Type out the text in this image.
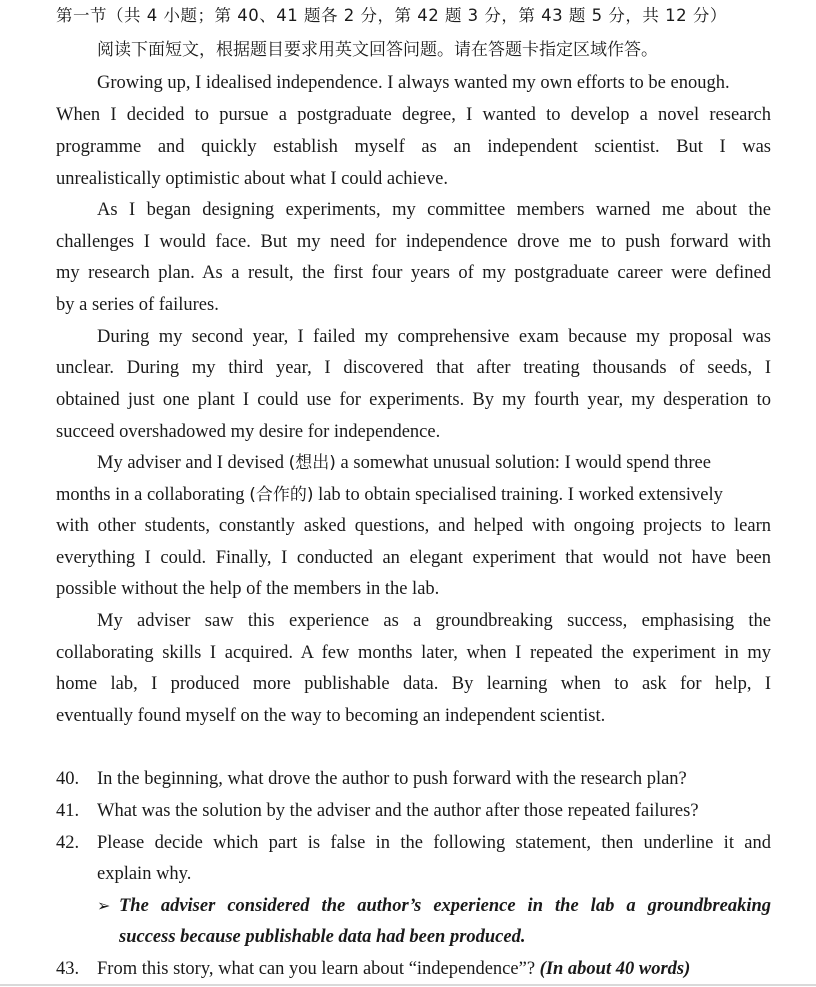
第一节（共 4 小题；第 40、41 题各 2 分，第 42 题 3 分，第 43 题 5 分，共 12 分）
阅读下面短文，根据题目要求用英文回答问题。请在答题卡指定区域作答。
Growing up, I idealised independence. I always wanted my own efforts to be enough.
When I decided to pursue a postgraduate degree, I wanted to develop a novel research
programme and quickly establish myself as an independent scientist. But I was
unrealistically optimistic about what I could achieve.
As I began designing experiments, my committee members warned me about the
challenges I would face. But my need for independence drove me to push forward with
my research plan. As a result, the first four years of my postgraduate career were defined
by a series of failures.
During my second year, I failed my comprehensive exam because my proposal was
unclear. During my third year, I discovered that after treating thousands of seeds, I
obtained just one plant I could use for experiments. By my fourth year, my desperation to
succeed overshadowed my desire for independence.
My adviser and I devised (想出) a somewhat unusual solution: I would spend three
months in a collaborating (合作的) lab to obtain specialised training. I worked extensively
with other students, constantly asked questions, and helped with ongoing projects to learn
everything I could. Finally, I conducted an elegant experiment that would not have been
possible without the help of the members in the lab.
My adviser saw this experience as a groundbreaking success, emphasising the
collaborating skills I acquired. A few months later, when I repeated the experiment in my
home lab, I produced more publishable data. By learning when to ask for help, I
eventually found myself on the way to becoming an independent scientist.
40. In the beginning, what drove the author to push forward with the research plan?
41. What was the solution by the adviser and the author after those repeated failures?
42. Please decide which part is false in the following statement, then underline it and
explain why.
➢ The adviser considered the author’s experience in the lab a groundbreaking
success because publishable data had been produced.
43. From this story, what can you learn about “independence”? (In about 40 words)
